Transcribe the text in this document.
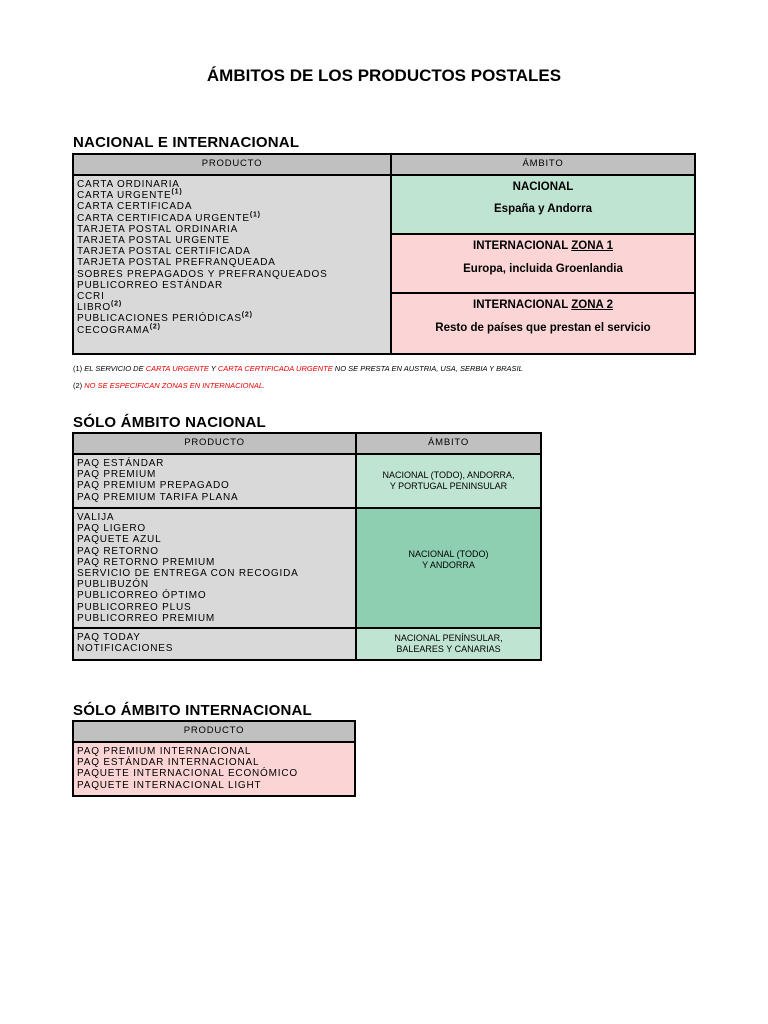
ÁMBITOS DE LOS PRODUCTOS POSTALES
NACIONAL E INTERNACIONAL
PRODUCTO	ÁMBITO
CARTA ORDINARIA
CARTA URGENTE$^{(1)}$
CARTA CERTIFICADA
CARTA CERTIFICADA URGENTE$^{(1)}$
TARJETA POSTAL ORDINARIA
TARJETA POSTAL URGENTE
TARJETA POSTAL CERTIFICADA
TARJETA POSTAL PREFRANQUEADA
SOBRES PREPAGADOS Y PREFRANQUEADOS
PUBLICORREO ESTÁNDAR
CCRI
LIBRO$^{(2)}$
PUBLICACIONES PERIÓDICAS$^{(2)}$
CECOGRAMA$^{(2)}$
NACIONAL
España y Andorra
INTERNACIONAL ZONA 1
Europa, incluida Groenlandia
INTERNACIONAL ZONA 2
Resto de países que prestan el servicio
(1) EL SERVICIO DE CARTA URGENTE Y CARTA CERTIFICADA URGENTE NO SE PRESTA EN AUSTRIA, USA, SERBIA Y BRASIL
(2) NO SE ESPECIFICAN ZONAS EN INTERNACIONAL.
SÓLO ÁMBITO NACIONAL
PRODUCTO	ÁMBITO
PAQ ESTÁNDAR
PAQ PREMIUM
PAQ PREMIUM PREPAGADO
PAQ PREMIUM TARIFA PLANA
NACIONAL (TODO), ANDORRA,
Y PORTUGAL PENINSULAR
VALIJA
PAQ LIGERO
PAQUETE AZUL
PAQ RETORNO
PAQ RETORNO PREMIUM
SERVICIO DE ENTREGA CON RECOGIDA
PUBLIBUZÓN
PUBLICORREO ÓPTIMO
PUBLICORREO PLUS
PUBLICORREO PREMIUM
NACIONAL (TODO)
Y ANDORRA
PAQ TODAY
NOTIFICACIONES
NACIONAL PENÍNSULAR,
BALEARES Y CANARIAS
SÓLO ÁMBITO INTERNACIONAL
PRODUCTO
PAQ PREMIUM INTERNACIONAL
PAQ ESTÁNDAR INTERNACIONAL
PAQUETE INTERNACIONAL ECONÓMICO
PAQUETE INTERNACIONAL LIGHT
